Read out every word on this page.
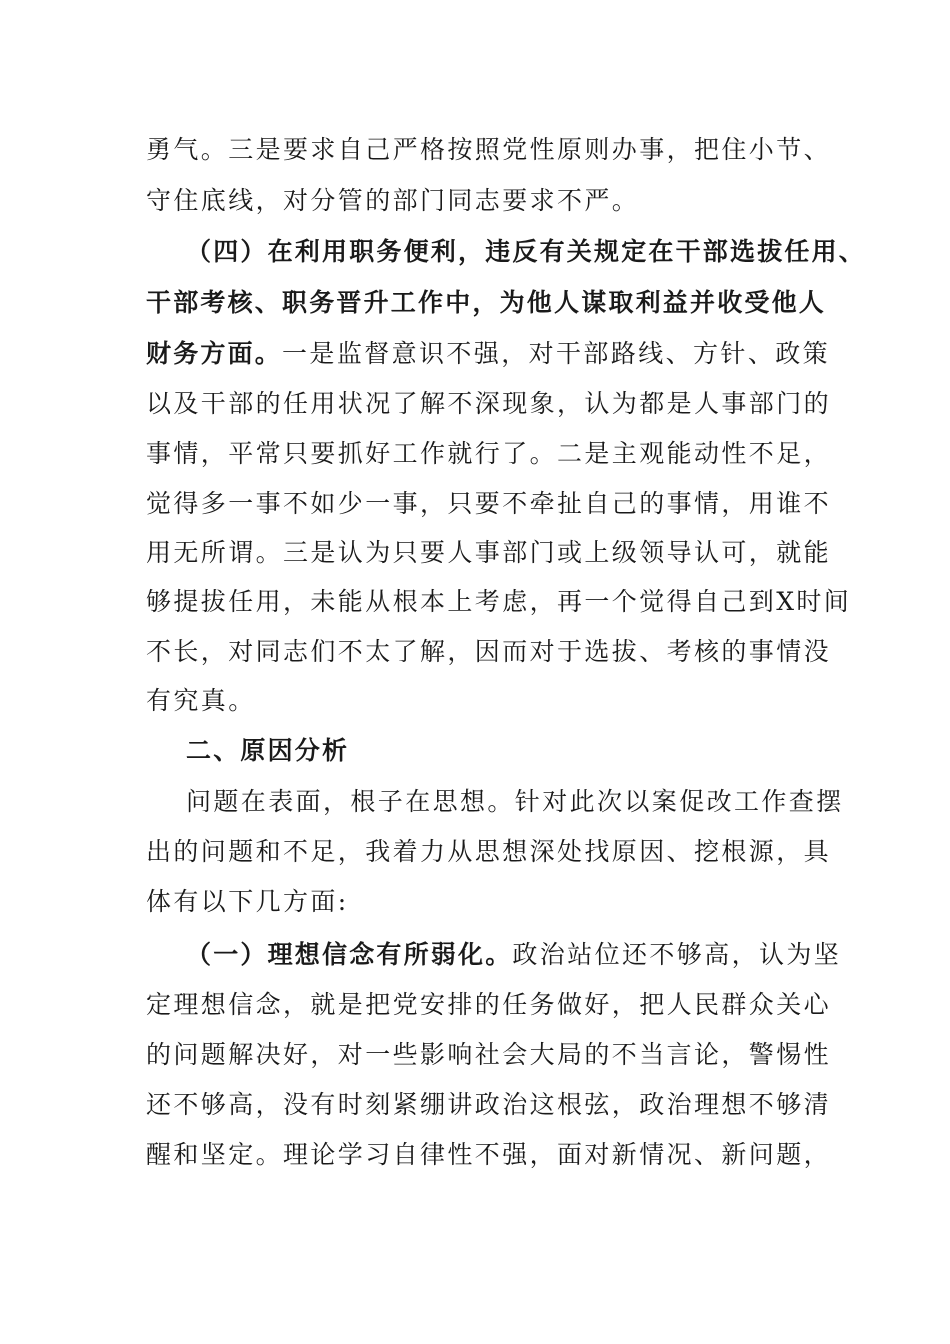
勇气。三是要求自己严格按照党性原则办事，把住小节、
守住底线，对分管的部门同志要求不严。
（四）在利用职务便利，违反有关规定在干部选拔任用、
干部考核、职务晋升工作中，为他人谋取利益并收受他人
财务方面。一是监督意识不强，对干部路线、方针、政策
以及干部的任用状况了解不深现象，认为都是人事部门的
事情，平常只要抓好工作就行了。二是主观能动性不足，
觉得多一事不如少一事，只要不牵扯自己的事情，用谁不
用无所谓。三是认为只要人事部门或上级领导认可，就能
够提拔任用，未能从根本上考虑，再一个觉得自己到X时间
不长，对同志们不太了解，因而对于选拔、考核的事情没
有究真。
二、原因分析
问题在表面，根子在思想。针对此次以案促改工作查摆
出的问题和不足，我着力从思想深处找原因、挖根源，具
体有以下几方面:
（一）理想信念有所弱化。政治站位还不够高，认为坚
定理想信念，就是把党安排的任务做好，把人民群众关心
的问题解决好，对一些影响社会大局的不当言论，警惕性
还不够高，没有时刻紧绷讲政治这根弦，政治理想不够清
醒和坚定。理论学习自律性不强，面对新情况、新问题，
